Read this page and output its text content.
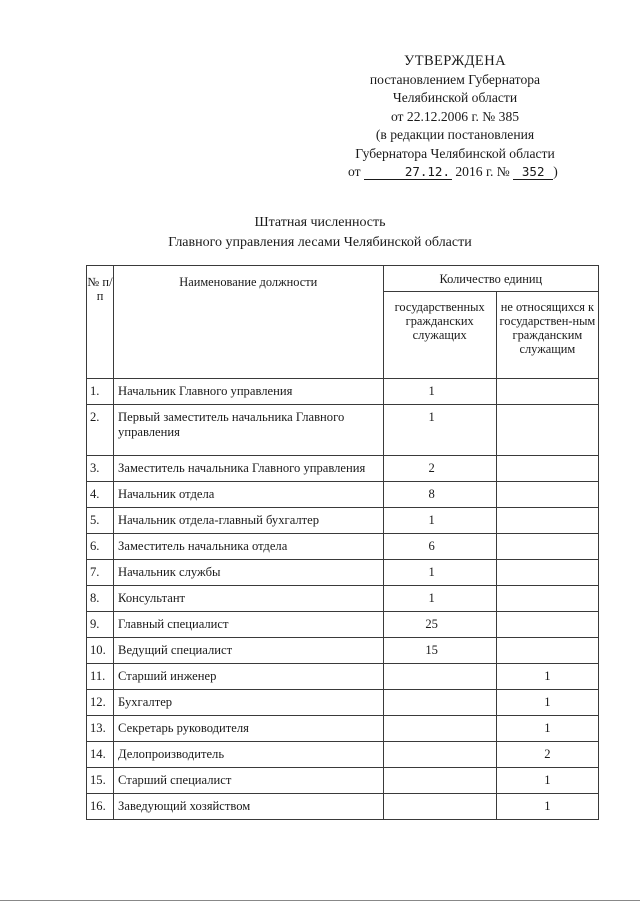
УТВЕРЖДЕНА
постановлением Губернатора
Челябинской области
от 22.12.2006 г. № 385
(в редакции постановления
Губернатора Челябинской области
от	27.12. 2016 г. № 352 )
Штатная численность
Главного управления лесами Челябинской области
№ п/п	Наименование должности	Количество единиц	
		государственных гражданских служащих	не относящихся к государствен-ным гражданским служащим
1.	Начальник Главного управления	1	
2.	Первый заместитель начальника Главного управления	1	
3.	Заместитель начальника Главного управления	2	
4.	Начальник отдела	8	
5.	Начальник отдела-главный бухгалтер	1	
6.	Заместитель начальника отдела	6	
7.	Начальник службы	1	
8.	Консультант	1	
9.	Главный специалист	25	
10.	Ведущий специалист	15	
11.	Старший инженер		1
12.	Бухгалтер		1
13.	Секретарь руководителя		1
14.	Делопроизводитель		2
15.	Старший специалист		1
16.	Заведующий хозяйством		1
